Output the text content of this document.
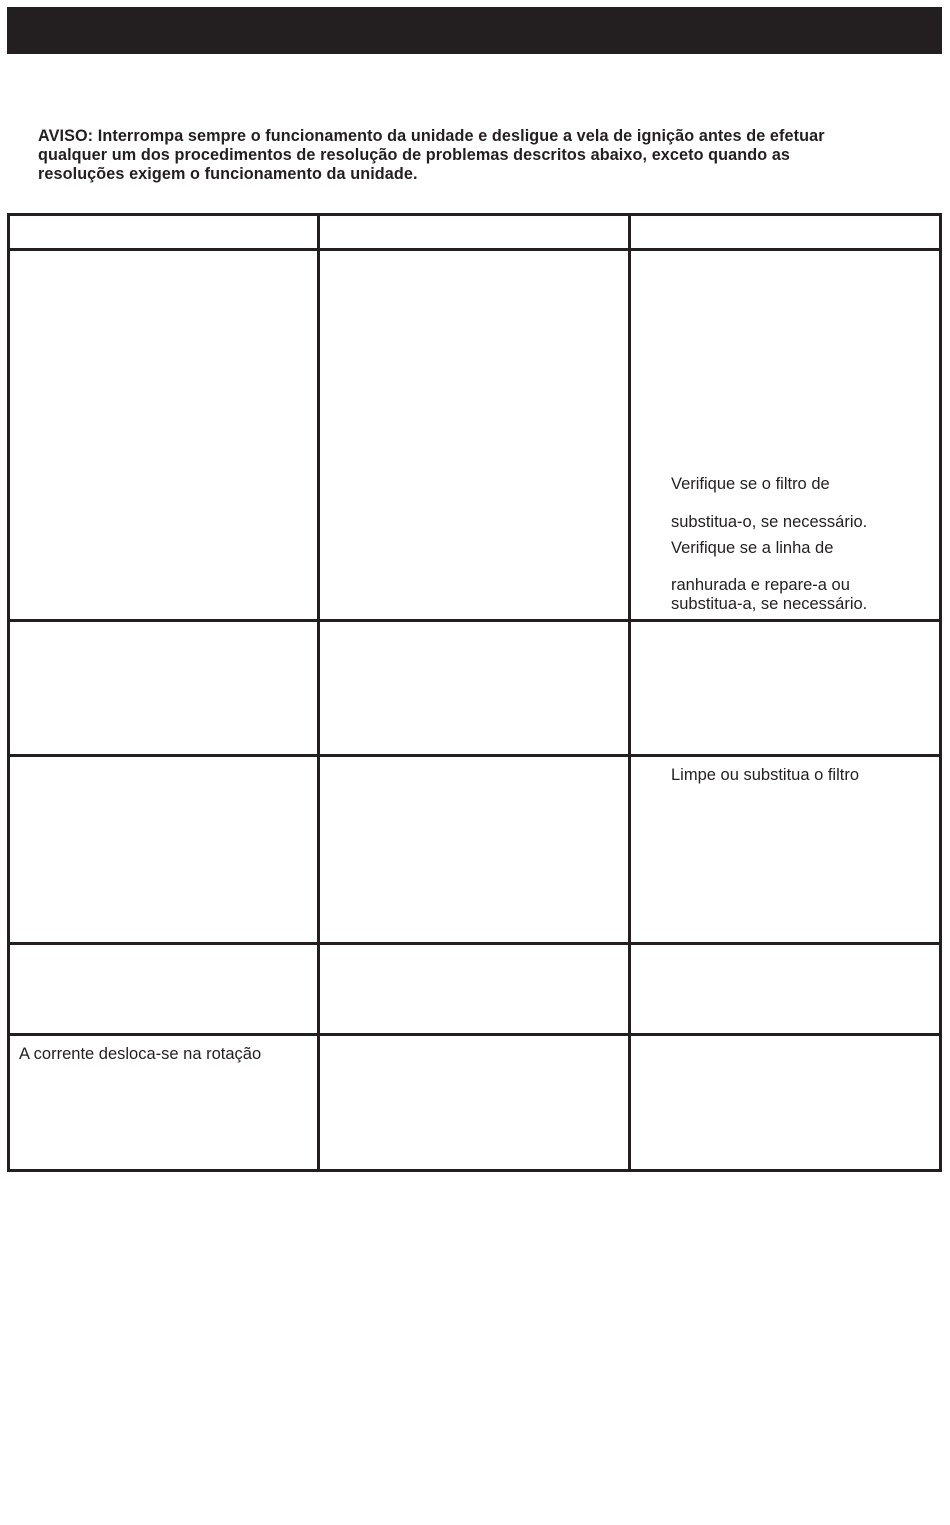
AVISO: Interrompa sempre o funcionamento da unidade e desligue a vela de ignição antes de efetuar
qualquer um dos procedimentos de resolução de problemas descritos abaixo, exceto quando as
resoluções exigem o funcionamento da unidade.
Verifique se o filtro de
substitua-o, se necessário.
Verifique se a linha de
ranhurada e repare-a ou
substitua-a, se necessário.
Limpe ou substitua o filtro
A corrente desloca-se na rotação
